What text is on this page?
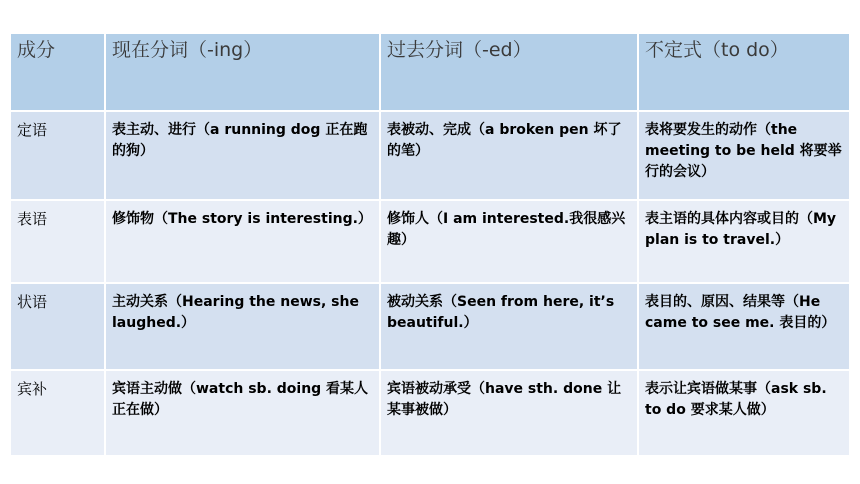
成分	现在分词（-ing）	过去分词（-ed）	不定式（to do）
定语	表主动、进行（a running dog 正在跑的狗）	表被动、完成（a broken pen 坏了的笔）	表将要发生的动作（the meeting to be held 将要举行的会议）
表语	修饰物（The story is interesting.）	修饰人（I am interested.我很感兴趣）	表主语的具体内容或目的（My plan is to travel.）
状语	主动关系（Hearing the news, she laughed.）	被动关系（Seen from here, it’s beautiful.）	表目的、原因、结果等（He came to see me. 表目的）
宾补	宾语主动做（watch sb. doing 看某人正在做）	宾语被动承受（have sth. done 让某事被做）	表示让宾语做某事（ask sb. to do 要求某人做）
